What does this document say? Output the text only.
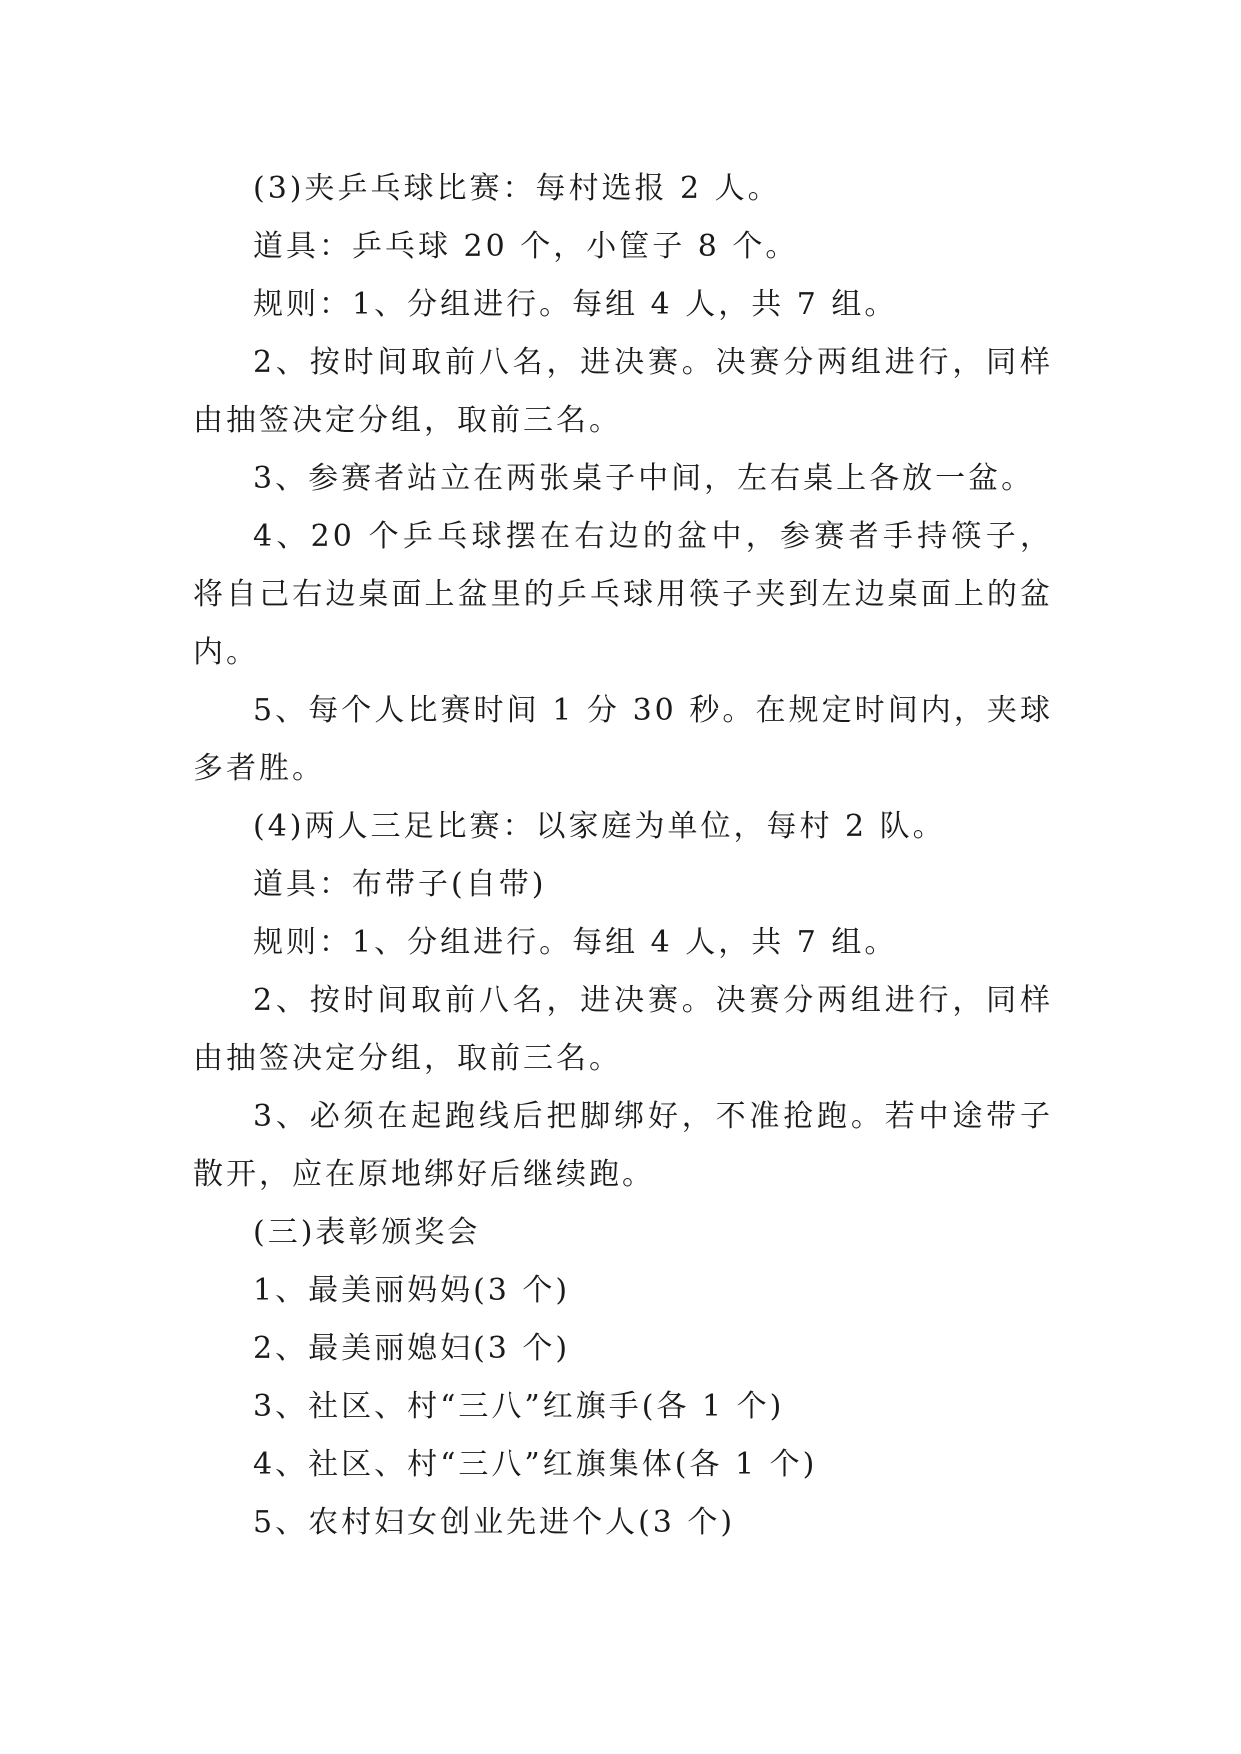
(3)夹乒乓球比赛：每村选报 2 人。

道具：乒乓球 20 个，小筐子 8 个。

规则：1、分组进行。每组 4 人，共 7 组。

2、按时间取前八名，进决赛。决赛分两组进行，同样由抽签决定分组，取前三名。

3、参赛者站立在两张桌子中间，左右桌上各放一盆。

4、20 个乒乓球摆在右边的盆中，参赛者手持筷子，将自己右边桌面上盆里的乒乓球用筷子夹到左边桌面上的盆内。

5、每个人比赛时间 1 分 30 秒。在规定时间内，夹球多者胜。

(4)两人三足比赛：以家庭为单位，每村 2 队。

道具：布带子(自带)

规则：1、分组进行。每组 4 人，共 7 组。

2、按时间取前八名，进决赛。决赛分两组进行，同样由抽签决定分组，取前三名。

3、必须在起跑线后把脚绑好，不准抢跑。若中途带子散开，应在原地绑好后继续跑。

(三)表彰颁奖会

1、最美丽妈妈(3 个)

2、最美丽媳妇(3 个)

3、社区、村“三八”红旗手(各 1 个)

4、社区、村“三八”红旗集体(各 1 个)

5、农村妇女创业先进个人(3 个)
